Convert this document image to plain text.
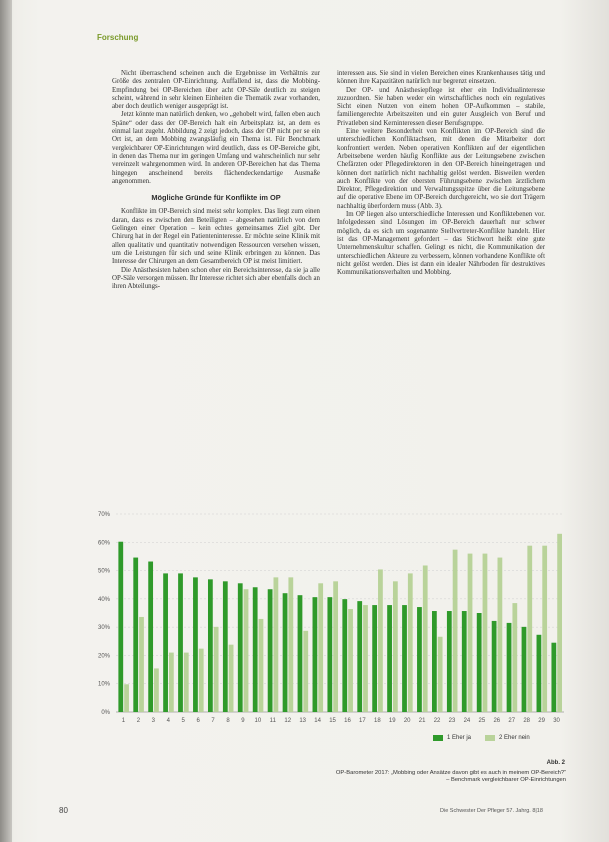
Forschung

Nicht überraschend scheinen auch die Ergebnisse im Verhältnis zur Größe des zentralen OP-Einrichtung. Auffallend ist, dass die Mobbing-Empfindung bei OP-Bereichen über acht OP-Säle deutlich zu steigen scheint, während in sehr kleinen Einheiten die Thematik zwar vorhanden, aber doch deutlich weniger ausgeprägt ist.

Jetzt könnte man natürlich denken, wo „gehobelt wird, fallen eben auch Späne“ oder dass der OP-Bereich halt ein Arbeitsplatz ist, an dem es einmal laut zugeht. Abbildung 2 zeigt jedoch, dass der OP nicht per se ein Ort ist, an dem Mobbing zwangsläufig ein Thema ist. Für Benchmark vergleichbarer OP-Einrichtungen wird deutlich, dass es OP-Bereiche gibt, in denen das Thema nur im geringen Umfang und wahrscheinlich nur sehr vereinzelt wahrgenommen wird. In anderen OP-Bereichen hat das Thema hingegen anscheinend bereits flächendeckendartige Ausmaße angenommen.

Mögliche Gründe für Konflikte im OP

Konflikte im OP-Bereich sind meist sehr komplex. Das liegt zum einen daran, dass es zwischen den Beteiligten – abgesehen natürlich von dem Gelingen einer Operation – kein echtes gemeinsames Ziel gibt. Der Chirurg hat in der Regel ein Patienteninteresse. Er möchte seine Klinik mit allen qualitativ und quantitativ notwendigen Ressourcen versehen wissen, um die Leistungen für sich und seine Klinik erbringen zu können. Das Interesse der Chirurgen an dem Gesamtbereich OP ist meist limitiert.

Die Anästhesisten haben schon eher ein Bereichsinteresse, da sie ja alle OP-Säle versorgen müssen. Ihr Interesse richtet sich aber ebenfalls doch an ihren Abteilungs-

interessen aus. Sie sind in vielen Bereichen eines Krankenhauses tätig und können ihre Kapazitäten natürlich nur begrenzt einsetzen.

Der OP- und Anästhesiepflege ist eher ein Individualinteresse zuzuordnen. Sie haben weder ein wirtschaftliches noch ein regulatives Sicht einen Nutzen von einem hohen OP-Aufkommen – stabile, familiengerechte Arbeitszeiten und ein guter Ausgleich von Beruf und Privatleben sind Kerninteressen dieser Berufsgruppe.

Eine weitere Besonderheit von Konflikten im OP-Bereich sind die unterschiedlichen Konfliktachsen, mit denen die Mitarbeiter dort konfrontiert werden. Neben operativen Konflikten auf der eigentlichen Arbeitsebene werden häufig Konflikte aus der Leitungsebene zwischen Chefärzten oder Pflegedirektoren in den OP-Bereich hineingetragen und können dort natürlich nicht nachhaltig gelöst werden. Bisweilen werden auch Konflikte von der obersten Führungsebene zwischen ärztlichem Direktor, Pflegedirektion und Verwaltungsspitze über die Leitungsebene auf die operative Ebene im OP-Bereich durchgereicht, wo sie dort Trägern nachhaltig überfordern muss (Abb. 3).

Im OP liegen also unterschiedliche Interessen und Konfliktebenen vor. Infolgedessen sind Lösungen im OP-Bereich dauerhaft nur schwer möglich, da es sich um sogenannte Stellvertreter-Konflikte handelt. Hier ist das OP-Management gefordert – das Stichwort heißt eine gute Unternehmenskultur schaffen. Gelingt es nicht, die Kommunikation der unterschiedlichen Akteure zu verbessern, können vorhandene Konflikte oft nicht gelöst werden. Dies ist dann ein idealer Nährboden für destruktives Kommunikationsverhalten und Mobbing.

0%
10%
20%
30%
40%
50%
60%
70%
1 2 3 4 5 6 7 8 9 10 11 12 13 14 15 16 17 18 19 20 21 22 23 24 25 26 27 28 29 30
1 Eher ja	2 Eher nein
Abb. 2
OP-Barometer 2017: „Mobbing oder Ansätze davon gibt es auch in meinem OP-Bereich?“
– Benchmark vergleichbarer OP-Einrichtungen
80	Die Schwester Der Pfleger 57. Jahrg. 8|18
